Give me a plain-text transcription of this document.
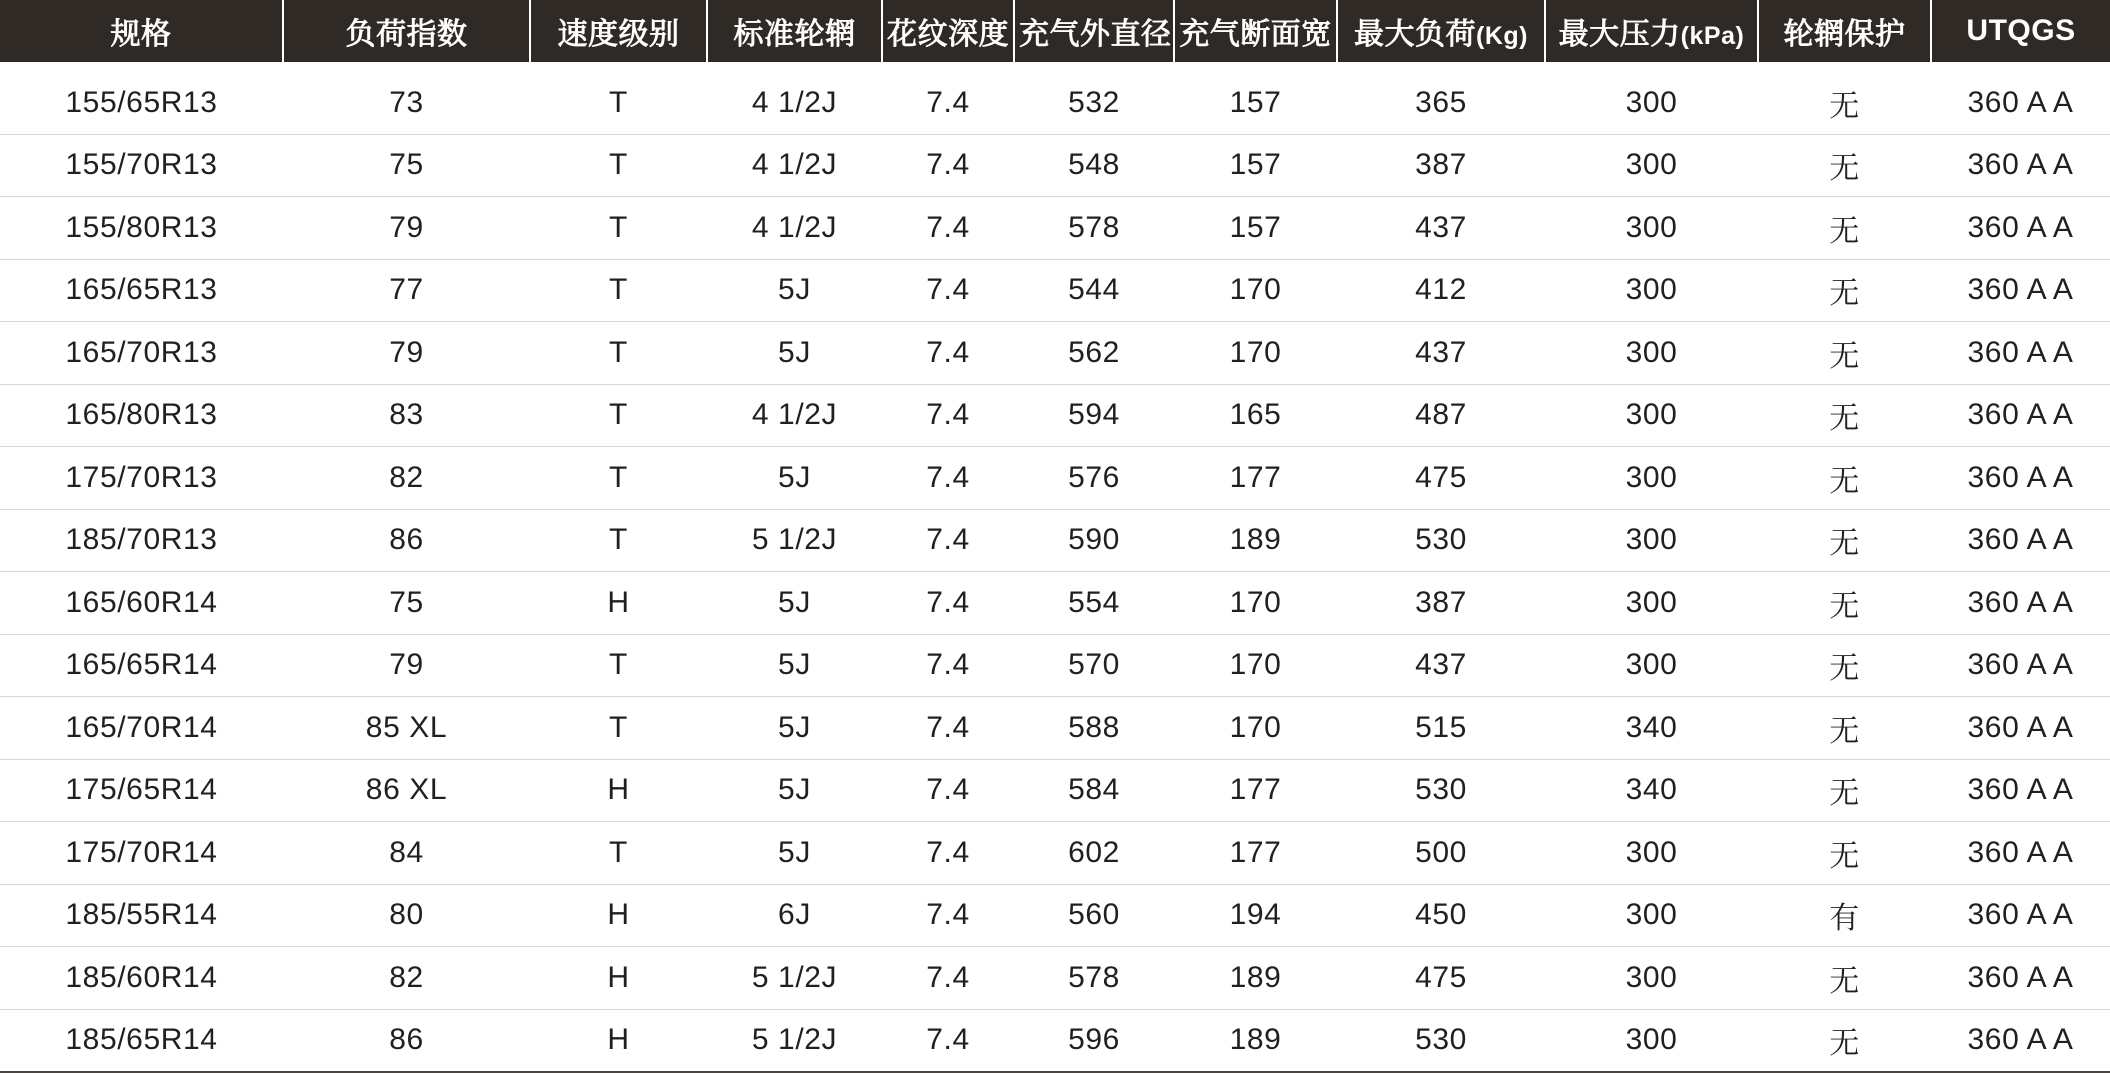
规格	负荷指数	速度级别	标准轮辋	花纹深度	充气外直径	充气断面宽	最大负荷(Kg)	最大压力(kPa)	轮辋保护	UTQGS

155/65R13	73	T	4 1/2J	7.4	532	157	365	300	无	360 A A
155/70R13	75	T	4 1/2J	7.4	548	157	387	300	无	360 A A
155/80R13	79	T	4 1/2J	7.4	578	157	437	300	无	360 A A
165/65R13	77	T	5J	7.4	544	170	412	300	无	360 A A
165/70R13	79	T	5J	7.4	562	170	437	300	无	360 A A
165/80R13	83	T	4 1/2J	7.4	594	165	487	300	无	360 A A
175/70R13	82	T	5J	7.4	576	177	475	300	无	360 A A
185/70R13	86	T	5 1/2J	7.4	590	189	530	300	无	360 A A
165/60R14	75	H	5J	7.4	554	170	387	300	无	360 A A
165/65R14	79	T	5J	7.4	570	170	437	300	无	360 A A
165/70R14	85 XL	T	5J	7.4	588	170	515	340	无	360 A A
175/65R14	86 XL	H	5J	7.4	584	177	530	340	无	360 A A
175/70R14	84	T	5J	7.4	602	177	500	300	无	360 A A
185/55R14	80	H	6J	7.4	560	194	450	300	有	360 A A
185/60R14	82	H	5 1/2J	7.4	578	189	475	300	无	360 A A
185/65R14	86	H	5 1/2J	7.4	596	189	530	300	无	360 A A
